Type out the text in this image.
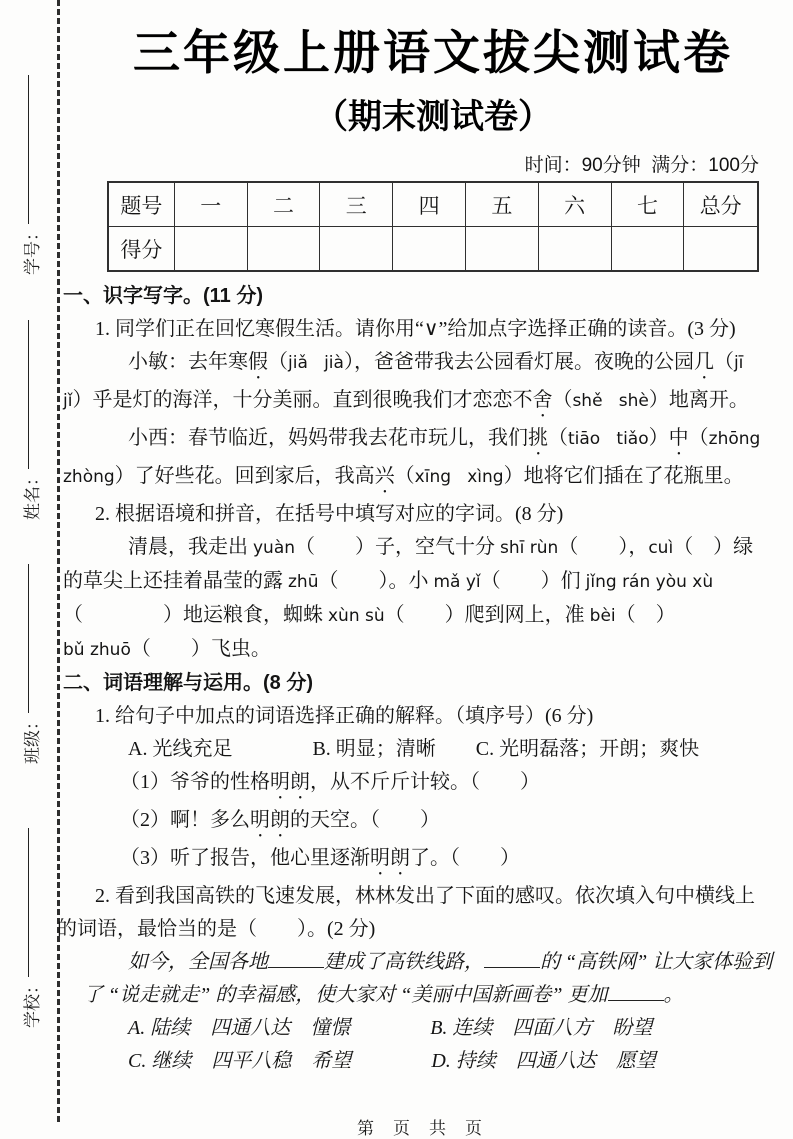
学号：
姓名：
班级：
学校：
三年级上册语文拔尖测试卷
（期末测试卷）
时间：90分钟  满分：100分
题号	一	二	三	四	五	六	七	总分
得分								

一、识字写字。(11 分)

1. 同学们正在回忆寒假生活。请你用“∨”给加点字选择正确的读音。(3 分)

小敏：去年寒假（jiǎ   jià），爸爸带我去公园看灯展。夜晚的公园几（jī

jǐ）乎是灯的海洋，十分美丽。直到很晚我们才恋恋不舍（shě   shè）地离开。

小西：春节临近，妈妈带我去花市玩儿，我们挑（tiāo   tiǎo）中（zhōng

zhòng）了好些花。回到家后，我高兴（xīng   xìng）地将它们插在了花瓶里。

2. 根据语境和拼音，在括号中填写对应的字词。(8 分)

清晨，我走出 yuàn（　　）子，空气十分 shī rùn（　　），cuì（　）绿

的草尖上还挂着晶莹的露 zhū（　　）。小 mǎ yǐ（　　）们 jǐng rán yòu xù

（　　　　）地运粮食，蜘蛛 xùn sù（　　）爬到网上，准 bèi（　）

bǔ zhuō（　　）飞虫。

二、词语理解与运用。(8 分)

1. 给句子中加点的词语选择正确的解释。（填序号）(6 分)

A. 光线充足　　　　B. 明显；清晰　　C. 光明磊落；开朗；爽快

（1）爷爷的性格明朗，从不斤斤计较。（　　）

（2）啊！多么明朗的天空。（　　）

（3）听了报告，他心里逐渐明朗了。（　　）

2. 看到我国高铁的飞速发展，林林发出了下面的感叹。依次填入句中横线上

的词语，最恰当的是（　　）。(2 分)

如今，全国各地	建成了高铁线路，	的 “高铁网” 让大家体验到

了 “说走就走” 的幸福感，使大家对 “美丽中国新画卷” 更加	。

A. 陆续　四通八达　憧憬　　　　B. 连续　四面八方　盼望

C. 继续　四平八稳　希望　　　　D. 持续　四通八达　愿望

第　页　共　页
